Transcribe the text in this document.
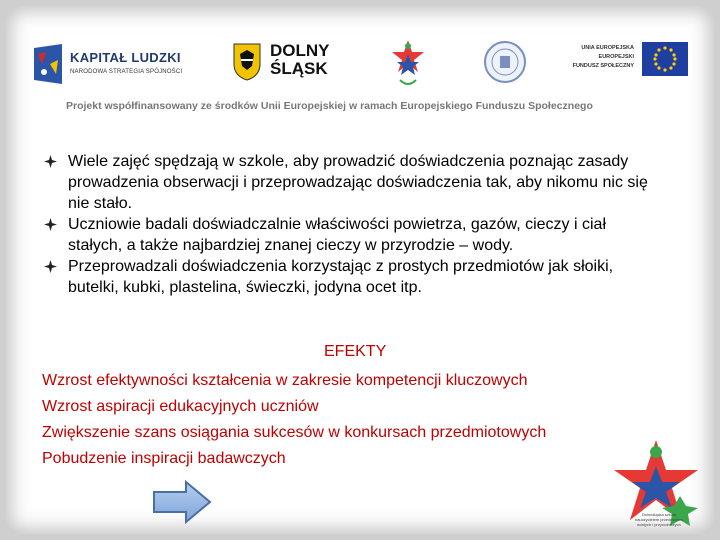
KAPITAŁ LUDZKI
NARODOWA STRATEGIA SPÓJNOŚCI
DOLNY
ŚLĄSK
UNIA EUROPEJSKA
EUROPEJSKI
FUNDUSZ SPOŁECZNY
Projekt współfinansowany ze środków Unii Europejskiej w ramach Europejskiego Funduszu Społecznego
Wiele zajęć spędzają w szkole, aby prowadzić doświadczenia poznając zasady prowadzenia obserwacji i przeprowadzając doświadczenia tak, aby nikomu nic się nie stało.
Uczniowie badali doświadczalnie właściwości powietrza, gazów, cieczy i ciał stałych, a także najbardziej znanej cieczy w przyrodzie – wody.
Przeprowadzali doświadczenia korzystając z prostych przedmiotów jak słoiki, butelki, kubki, plastelina, świeczki, jodyna ocet itp.
EFEKTY
Wzrost efektywności kształcenia w zakresie kompetencji kluczowych
Wzrost aspiracji edukacyjnych uczniów
Zwiększenie szans osiągania sukcesów w konkursach przedmiotowych
Pobudzenie inspiracji badawczych
Dolnośląska szkoła
nauczycielem przedmiotów
ścisłych i przyrodniczych
